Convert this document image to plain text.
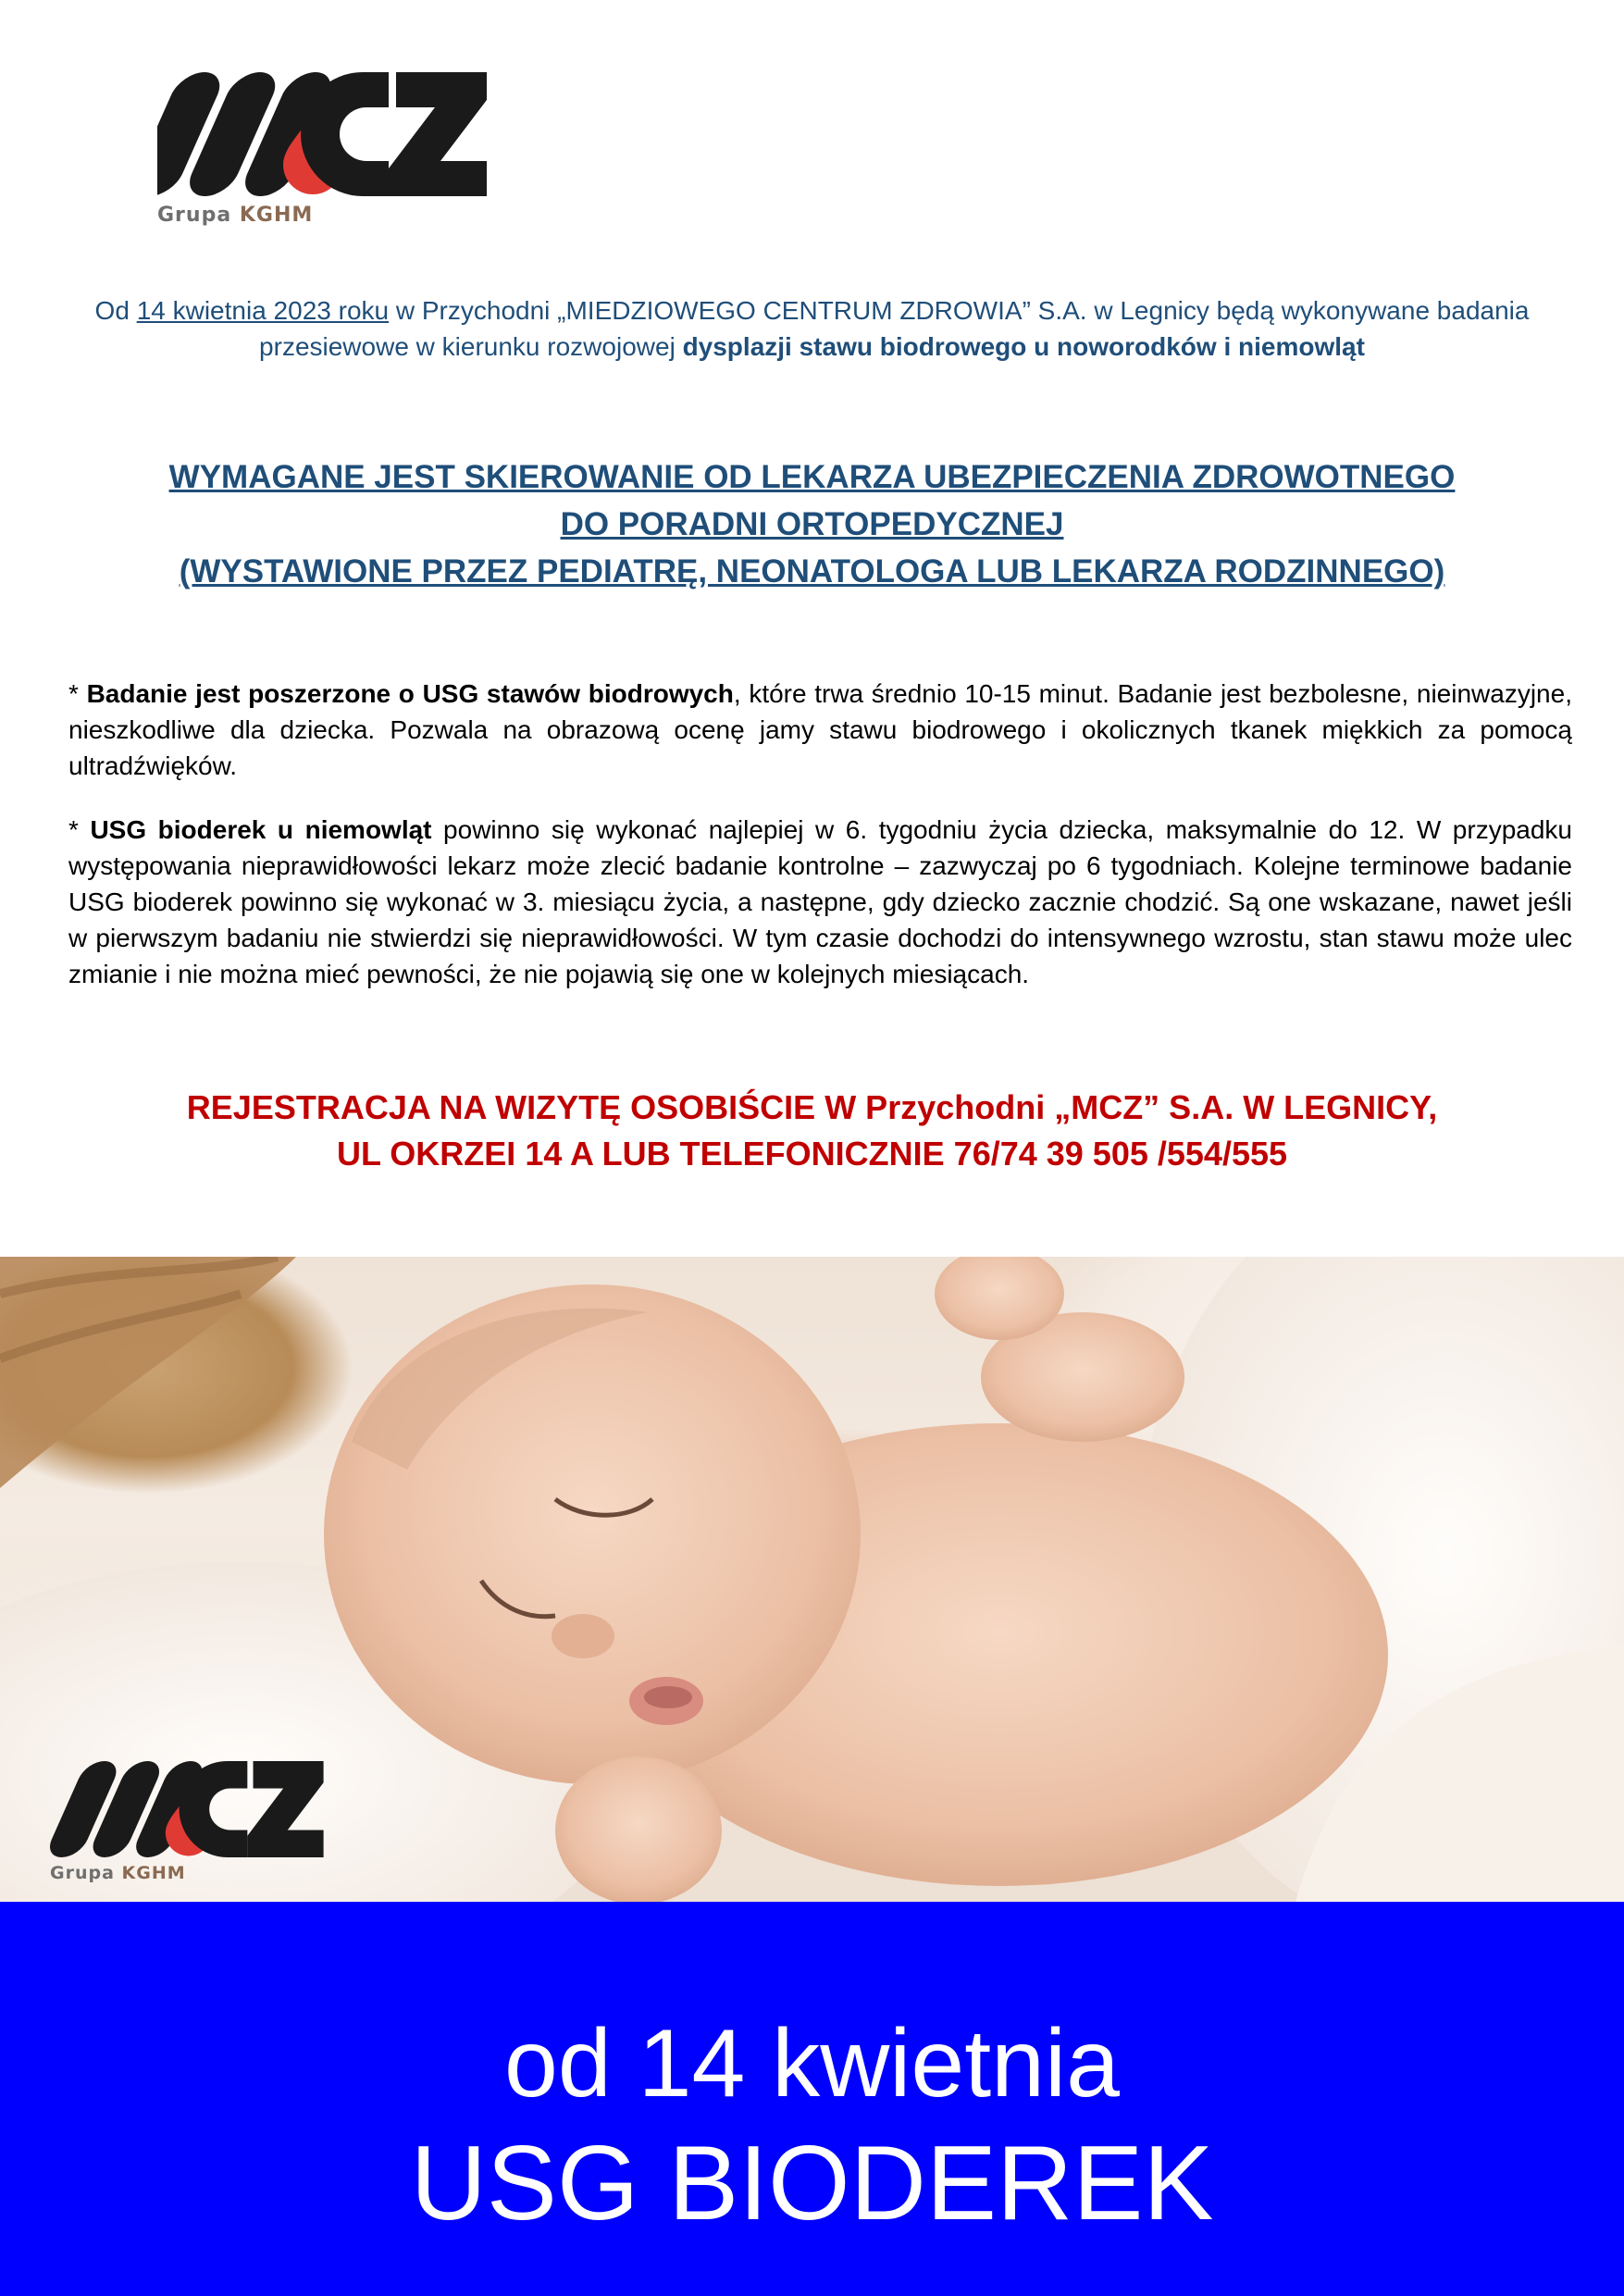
Grupa KGHM
Od 14 kwietnia 2023 roku w Przychodni „MIEDZIOWEGO CENTRUM ZDROWIA” S.A. w Legnicy będą wykonywane badania przesiewowe w kierunku rozwojowej dysplazji stawu biodrowego u noworodków i niemowląt
WYMAGANE JEST SKIEROWANIE OD LEKARZA UBEZPIECZENIA ZDROWOTNEGO
DO PORADNI ORTOPEDYCZNEJ
(WYSTAWIONE PRZEZ PEDIATRĘ, NEONATOLOGA LUB LEKARZA RODZINNEGO)
* Badanie jest poszerzone o USG stawów biodrowych, które trwa średnio 10-15 minut. Badanie jest bezbolesne, nieinwazyjne, nieszkodliwe dla dziecka. Pozwala na obrazową ocenę jamy stawu biodrowego i okolicznych tkanek miękkich za pomocą ultradźwięków.
* USG bioderek u niemowląt powinno się wykonać najlepiej w 6. tygodniu życia dziecka, maksymalnie do 12. W przypadku występowania nieprawidłowości lekarz może zlecić badanie kontrolne – zazwyczaj po 6 tygodniach. Kolejne terminowe badanie USG bioderek powinno się wykonać w 3. miesiącu życia, a następne, gdy dziecko zacznie chodzić. Są one wskazane, nawet jeśli w pierwszym badaniu nie stwierdzi się nieprawidłowości. W tym czasie dochodzi do intensywnego wzrostu, stan stawu może ulec zmianie i nie można mieć pewności, że nie pojawią się one w kolejnych miesiącach.
REJESTRACJA NA WIZYTĘ OSOBIŚCIE W Przychodni „MCZ” S.A. W LEGNICY,
UL OKRZEI 14 A LUB TELEFONICZNIE 76/74 39 505 /554/555
Grupa KGHM
od 14 kwietnia
USG BIODEREK
